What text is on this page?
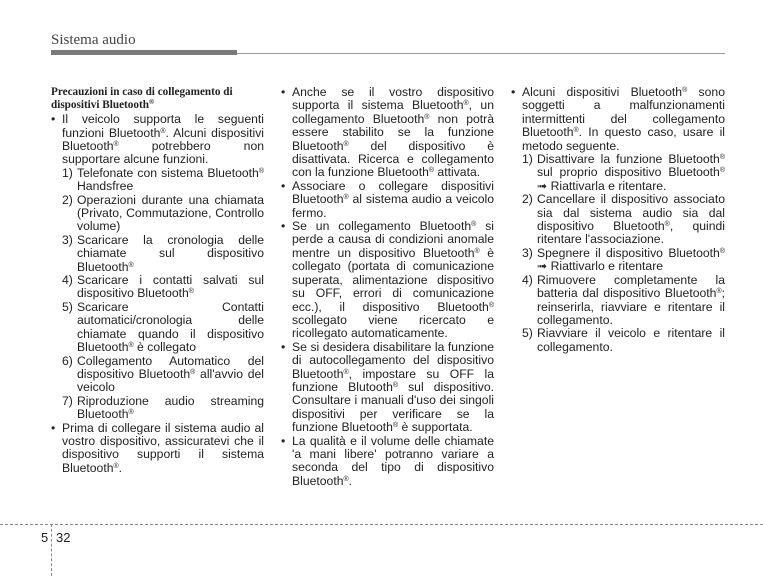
Sistema audio
Precauzioni in caso di collegamento di dispositivi Bluetooth®
• Il veicolo supporta le seguenti funzioni Bluetooth®. Alcuni dispositivi Bluetooth® potrebbero non supportare alcune funzioni.
1) Telefonate con sistema Bluetooth® Handsfree
2) Operazioni durante una chiamata (Privato, Commutazione, Controllo volume)
3) Scaricare la cronologia delle chiamate sul dispositivo Bluetooth®
4) Scaricare i contatti salvati sul dispositivo Bluetooth®
5) Scaricare Contatti automatici/cronologia delle chiamate quando il dispositivo Bluetooth® è collegato
6) Collegamento Automatico del dispositivo Bluetooth® all'avvio del veicolo
7) Riproduzione audio streaming Bluetooth®
• Prima di collegare il sistema audio al vostro dispositivo, assicuratevi che il dispositivo supporti il sistema Bluetooth®.
• Anche se il vostro dispositivo supporta il sistema Bluetooth®, un collegamento Bluetooth® non potrà essere stabilito se la funzione Bluetooth® del dispositivo è disattivata. Ricerca e collegamento con la funzione Bluetooth® attivata.
• Associare o collegare dispositivi Bluetooth® al sistema audio a veicolo fermo.
• Se un collegamento Bluetooth® si perde a causa di condizioni anomale mentre un dispositivo Bluetooth® è collegato (portata di comunicazione superata, alimentazione dispositivo su OFF, errori di comunicazione ecc.), il dispositivo Bluetooth® scollegato viene ricercato e ricollegato automaticamente.
• Se si desidera disabilitare la funzione di autocollegamento del dispositivo Bluetooth®, impostare su OFF la funzione Blutooth® sul dispositivo. Consultare i manuali d'uso dei singoli dispositivi per verificare se la funzione Bluetooth® è supportata.
• La qualità e il volume delle chiamate 'a mani libere' potranno variare a seconda del tipo di dispositivo Bluetooth®.
• Alcuni dispositivi Bluetooth® sono soggetti a malfunzionamenti intermittenti del collegamento Bluetooth®. In questo caso, usare il metodo seguente.
1) Disattivare la funzione Bluetooth® sul proprio dispositivo Bluetooth® ➟ Riattivarla e ritentare.
2) Cancellare il dispositivo associato sia dal sistema audio sia dal dispositivo Bluetooth®, quindi ritentare l'associazione.
3) Spegnere il dispositivo Bluetooth® ➟ Riattivarlo e ritentare
4) Rimuovere completamente la batteria dal dispositivo Bluetooth®; reinserirla, riavviare e ritentare il collegamento.
5) Riavviare il veicolo e ritentare il collegamento.
5 32
